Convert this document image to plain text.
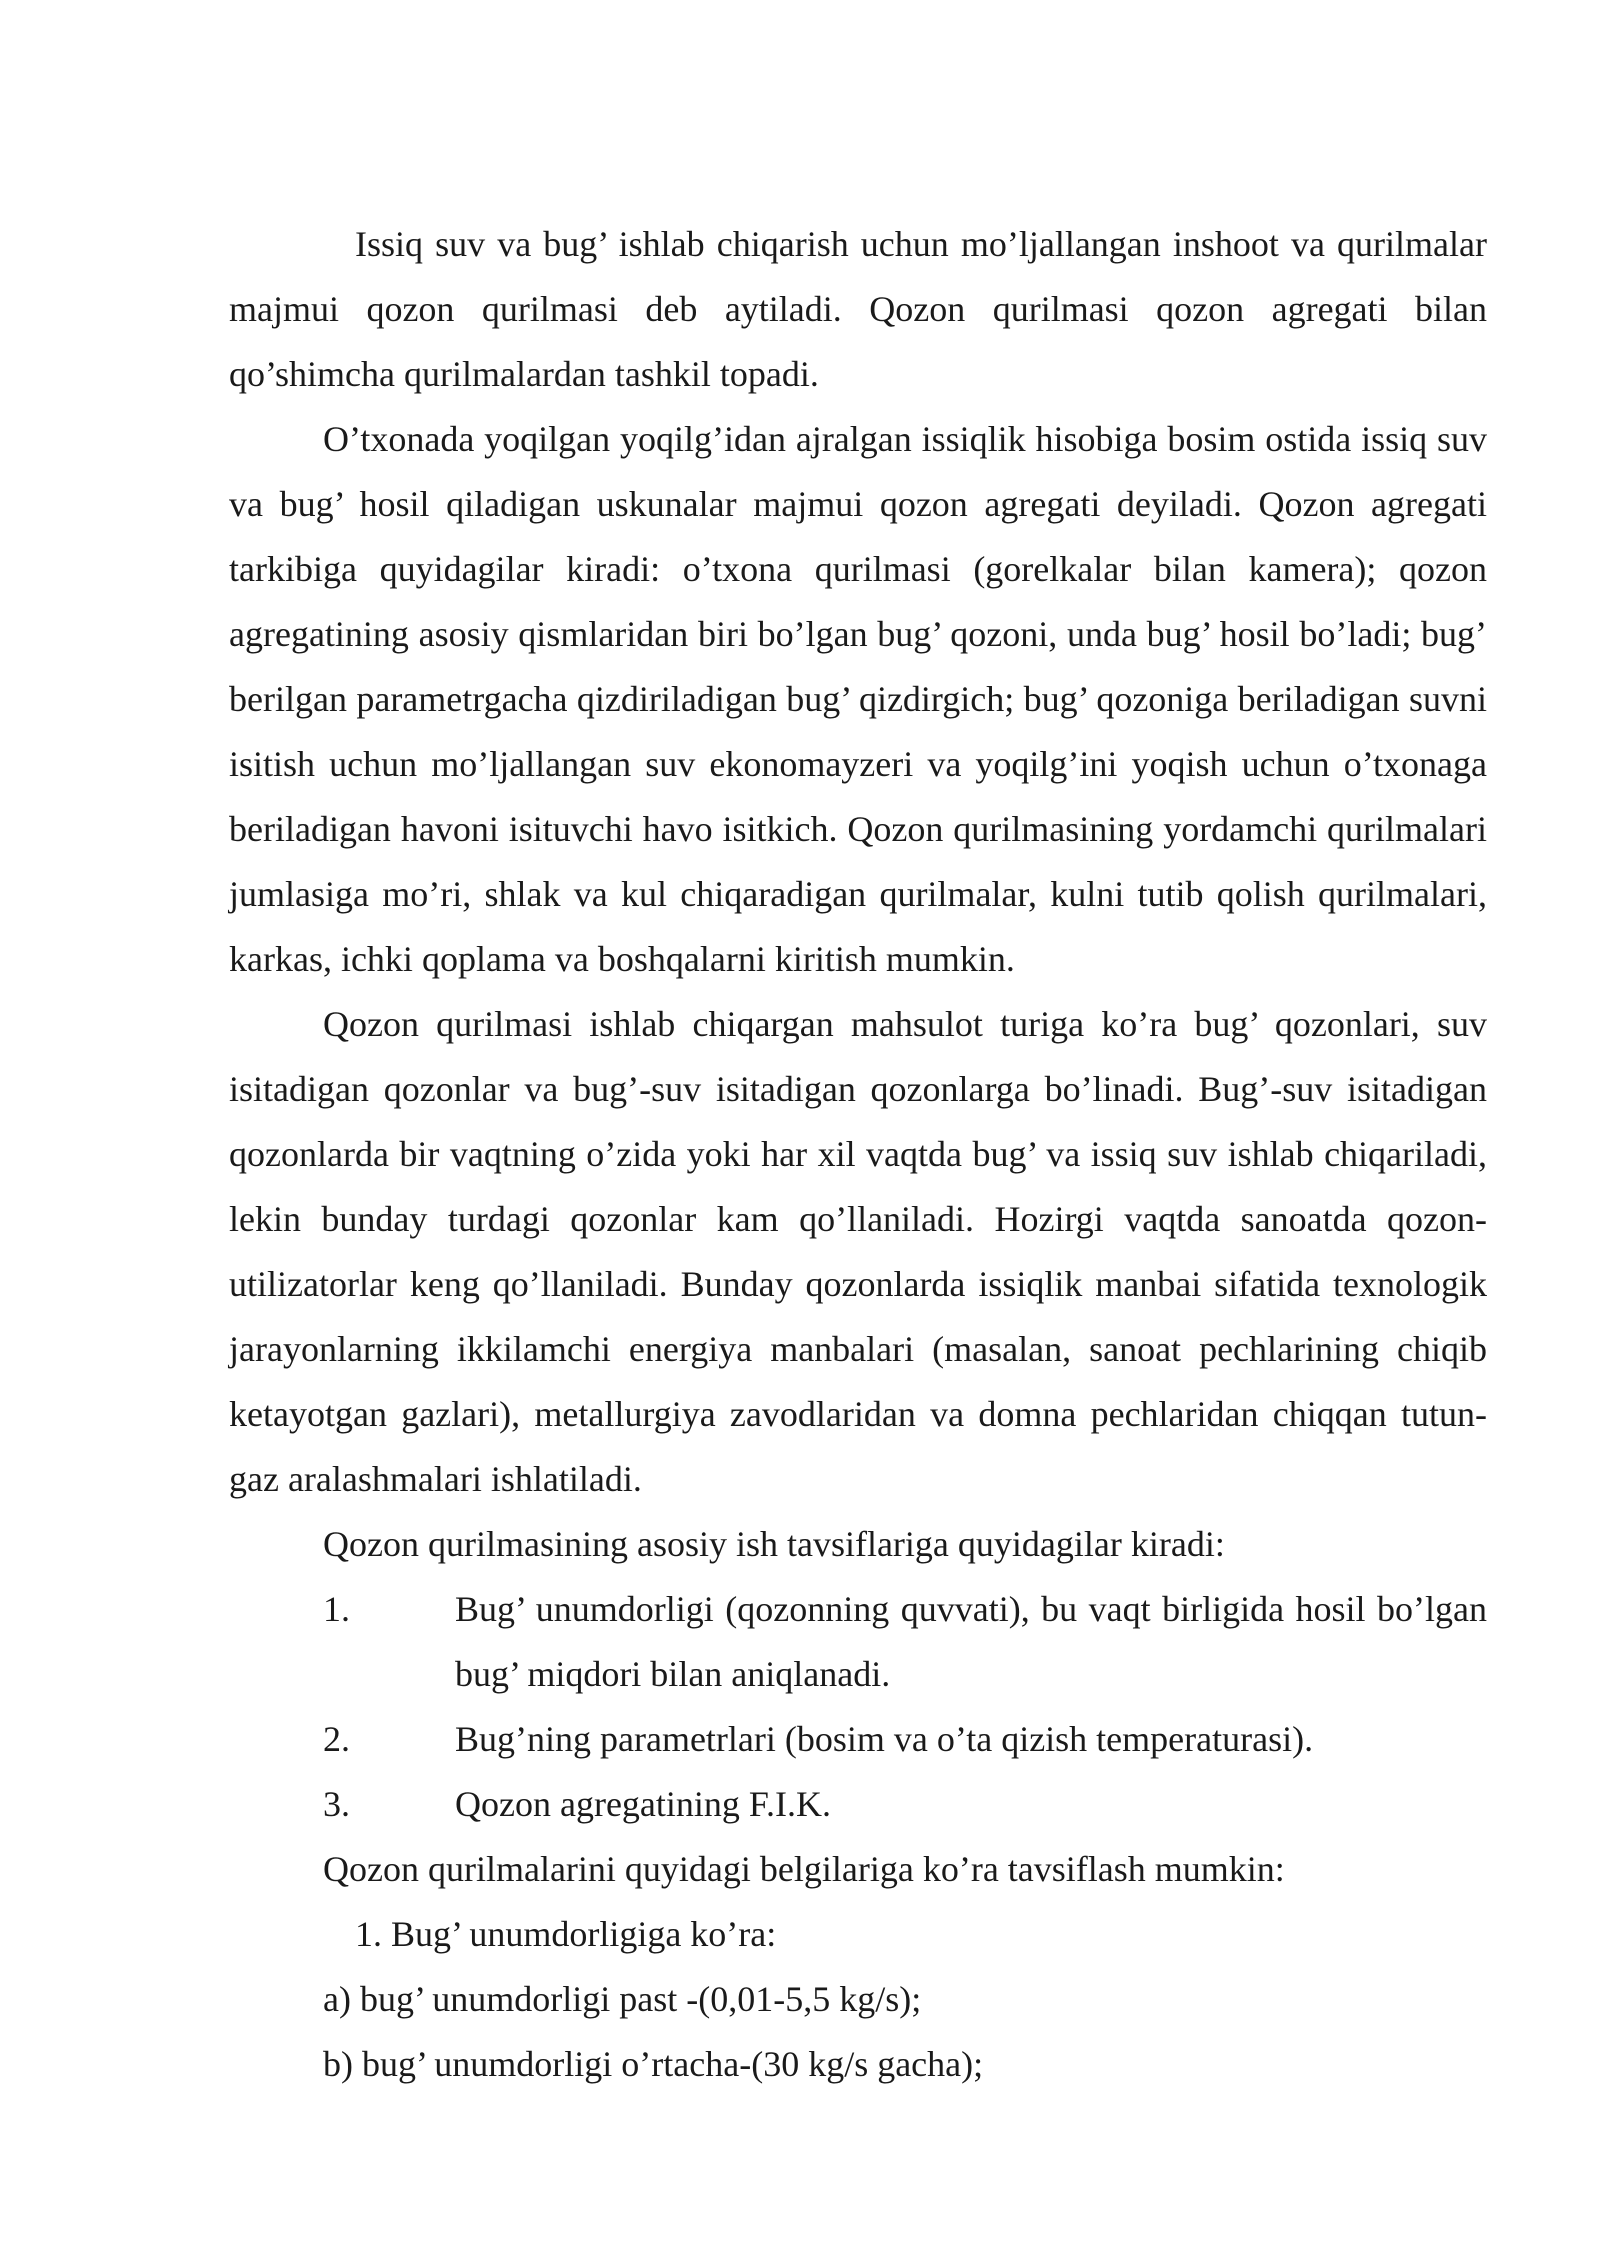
Issiq suv va bug’ ishlab chiqarish uchun mo’ljallangan inshoot va qurilmalar majmui qozon qurilmasi deb aytiladi. Qozon qurilmasi qozon agregati bilan qo’shimcha qurilmalardan tashkil topadi.

O’txonada yoqilgan yoqilg’idan ajralgan issiqlik hisobiga bosim ostida issiq suv va bug’ hosil qiladigan uskunalar majmui qozon agregati deyiladi. Qozon agregati tarkibiga quyidagilar kiradi: o’txona qurilmasi (gorelkalar bilan kamera); qozon agregatining asosiy qismlaridan biri bo’lgan bug’ qozoni, unda bug’ hosil bo’ladi; bug’ berilgan parametrgacha qizdiriladigan bug’ qizdirgich; bug’ qozoniga beriladigan suvni isitish uchun mo’ljallangan suv ekonomayzeri va yoqilg’ini yoqish uchun o’txonaga beriladigan havoni isituvchi havo isitkich. Qozon qurilmasining yordamchi qurilmalari jumlasiga mo’ri, shlak va kul chiqaradigan qurilmalar, kulni tutib qolish qurilmalari, karkas, ichki qoplama va boshqalarni kiritish mumkin.

Qozon qurilmasi ishlab chiqargan mahsulot turiga ko’ra bug’ qozonlari, suv isitadigan qozonlar va bug’-suv isitadigan qozonlarga bo’linadi. Bug’-suv isitadigan qozonlarda bir vaqtning o’zida yoki har xil vaqtda bug’ va issiq suv ishlab chiqariladi, lekin bunday turdagi qozonlar kam qo’llaniladi. Hozirgi vaqtda sanoatda qozon-utilizatorlar keng qo’llaniladi. Bunday qozonlarda issiqlik manbai sifatida texnologik jarayonlarning ikkilamchi energiya manbalari (masalan, sanoat pechlarining chiqib ketayotgan gazlari), metallurgiya zavodlaridan va domna pechlaridan chiqqan tutun-gaz aralashmalari ishlatiladi.

Qozon qurilmasining asosiy ish tavsiflariga quyidagilar kiradi:

1.	Bug’ unumdorligi (qozonning quvvati), bu vaqt birligida hosil bo’lgan bug’ miqdori bilan aniqlanadi.
2.	Bug’ning parametrlari (bosim va o’ta qizish temperaturasi).
3.	Qozon agregatining F.I.K.

Qozon qurilmalarini quyidagi belgilariga ko’ra tavsiflash mumkin:

1. Bug’ unumdorligiga ko’ra:

a) bug’ unumdorligi past -(0,01-5,5 kg/s);

b) bug’ unumdorligi o’rtacha-(30 kg/s gacha);
